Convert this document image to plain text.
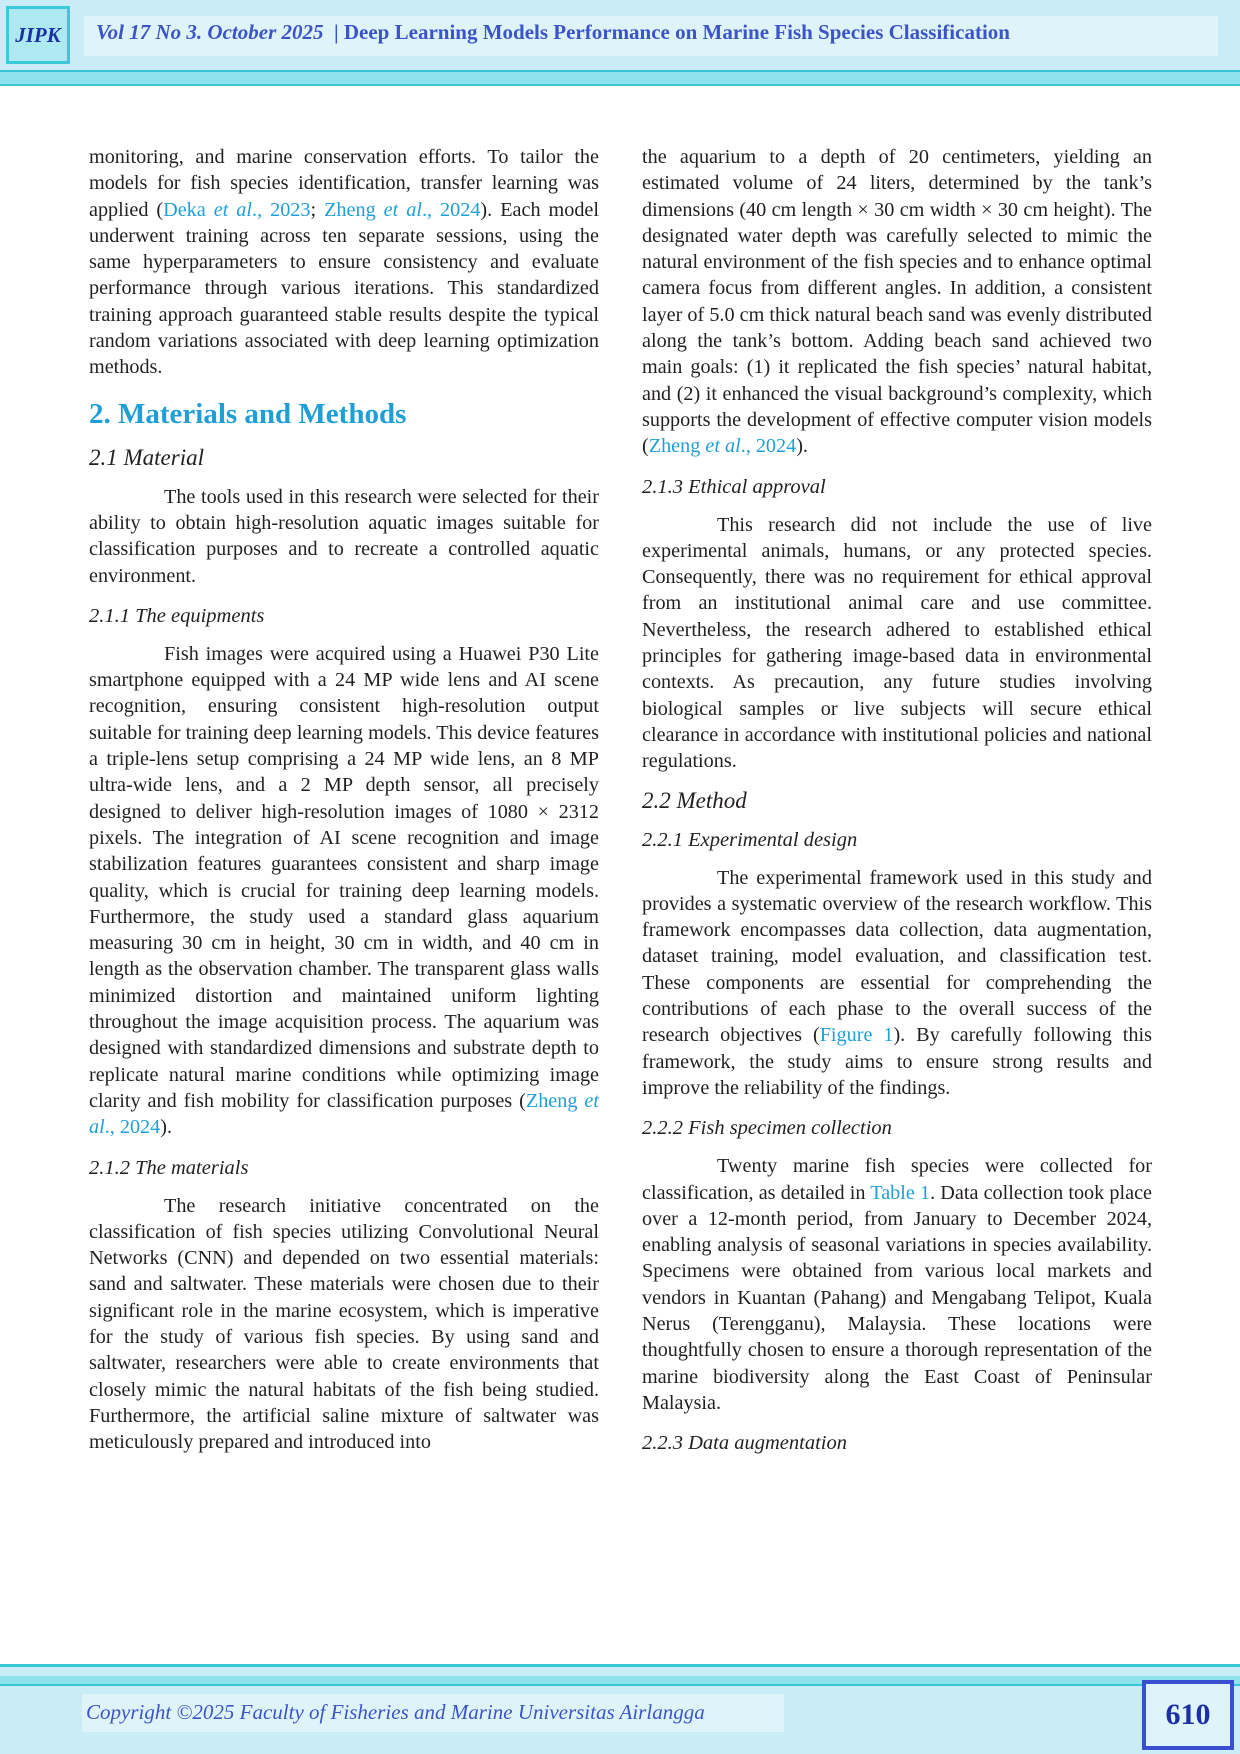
JIPK	Vol 17 No 3. October 2025 | Deep Learning Models Performance on Marine Fish Species Classification

monitoring, and marine conservation efforts. To tailor the models for fish species identification, transfer learning was applied (Deka et al., 2023; Zheng et al., 2024). Each model underwent training across ten separate sessions, using the same hyperparameters to ensure consistency and evaluate performance through various iterations. This standardized training approach guaranteed stable results despite the typical random variations associated with deep learning optimization methods.

2. Materials and Methods
2.1 Material

The tools used in this research were selected for their ability to obtain high-resolution aquatic images suitable for classification purposes and to recreate a controlled aquatic environment.

2.1.1 The equipments

Fish images were acquired using a Huawei P30 Lite smartphone equipped with a 24 MP wide lens and AI scene recognition, ensuring consistent high-resolution output suitable for training deep learning models. This device features a triple-lens setup comprising a 24 MP wide lens, an 8 MP ultra-wide lens, and a 2 MP depth sensor, all precisely designed to deliver high-resolution images of 1080 × 2312 pixels. The integration of AI scene recognition and image stabilization features guarantees consistent and sharp image quality, which is crucial for training deep learning models. Furthermore, the study used a standard glass aquarium measuring 30 cm in height, 30 cm in width, and 40 cm in length as the observation chamber. The transparent glass walls minimized distortion and maintained uniform lighting throughout the image acquisition process. The aquarium was designed with standardized dimensions and substrate depth to replicate natural marine conditions while optimizing image clarity and fish mobility for classification purposes (Zheng et al., 2024).

2.1.2 The materials

The research initiative concentrated on the classification of fish species utilizing Convolutional Neural Networks (CNN) and depended on two essential materials: sand and saltwater. These materials were chosen due to their significant role in the marine ecosystem, which is imperative for the study of various fish species. By using sand and saltwater, researchers were able to create environments that closely mimic the natural habitats of the fish being studied. Furthermore, the artificial saline mixture of saltwater was meticulously prepared and introduced into

the aquarium to a depth of 20 centimeters, yielding an estimated volume of 24 liters, determined by the tank’s dimensions (40 cm length × 30 cm width × 30 cm height). The designated water depth was carefully selected to mimic the natural environment of the fish species and to enhance optimal camera focus from different angles. In addition, a consistent layer of 5.0 cm thick natural beach sand was evenly distributed along the tank’s bottom. Adding beach sand achieved two main goals: (1) it replicated the fish species’ natural habitat, and (2) it enhanced the visual background’s complexity, which supports the development of effective computer vision models (Zheng et al., 2024).

2.1.3 Ethical approval

This research did not include the use of live experimental animals, humans, or any protected species. Consequently, there was no requirement for ethical approval from an institutional animal care and use committee. Nevertheless, the research adhered to established ethical principles for gathering image-based data in environmental contexts. As precaution, any future studies involving biological samples or live subjects will secure ethical clearance in accordance with institutional policies and national regulations.

2.2 Method
2.2.1 Experimental design

The experimental framework used in this study and provides a systematic overview of the research workflow. This framework encompasses data collection, data augmentation, dataset training, model evaluation, and classification test. These components are essential for comprehending the contributions of each phase to the overall success of the research objectives (Figure 1). By carefully following this framework, the study aims to ensure strong results and improve the reliability of the findings.

2.2.2 Fish specimen collection

Twenty marine fish species were collected for classification, as detailed in Table 1. Data collection took place over a 12-month period, from January to December 2024, enabling analysis of seasonal variations in species availability. Specimens were obtained from various local markets and vendors in Kuantan (Pahang) and Mengabang Telipot, Kuala Nerus (Terengganu), Malaysia. These locations were thoughtfully chosen to ensure a thorough representation of the marine biodiversity along the East Coast of Peninsular Malaysia.

2.2.3 Data augmentation
Copyright ©2025 Faculty of Fisheries and Marine Universitas Airlangga	610
